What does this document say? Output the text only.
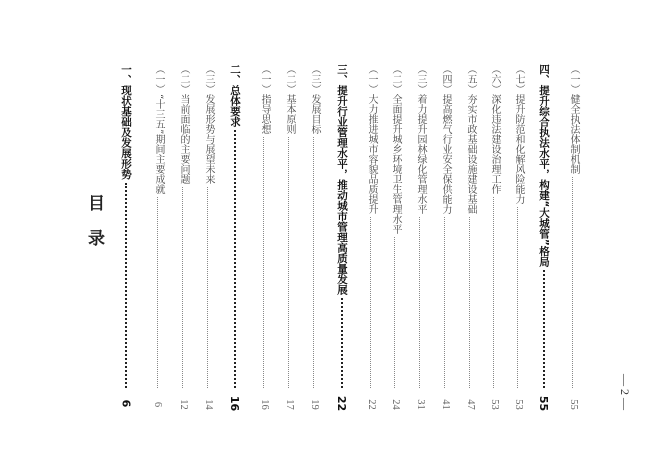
目 录
一、现状基础及发展形势
6
（一）“十三五”期间主要成就
6
（二）当前面临的主要问题
12
（三）发展形势与展望未来
14
二、总体要求
16
（一）指导思想
16
（二）基本原则
17
（三）发展目标
19
三、提升行业管理水平，推动城市管理高质量发展
22
（一）大力推进城市容貌品质提升
22
（二）全面提升城乡环境卫生管理水平
24
（三）着力提升园林绿化管理水平
31
（四）提高燃气行业安全保供能力
41
（五）夯实市政基础设施建设基础
47
（六）深化违法建设治理工作
53
（七）提升防范和化解风险能力
53
四、提升综合执法水平，构建“大城管”格局
55
（一）健全执法体制机制
55	— 2 —
